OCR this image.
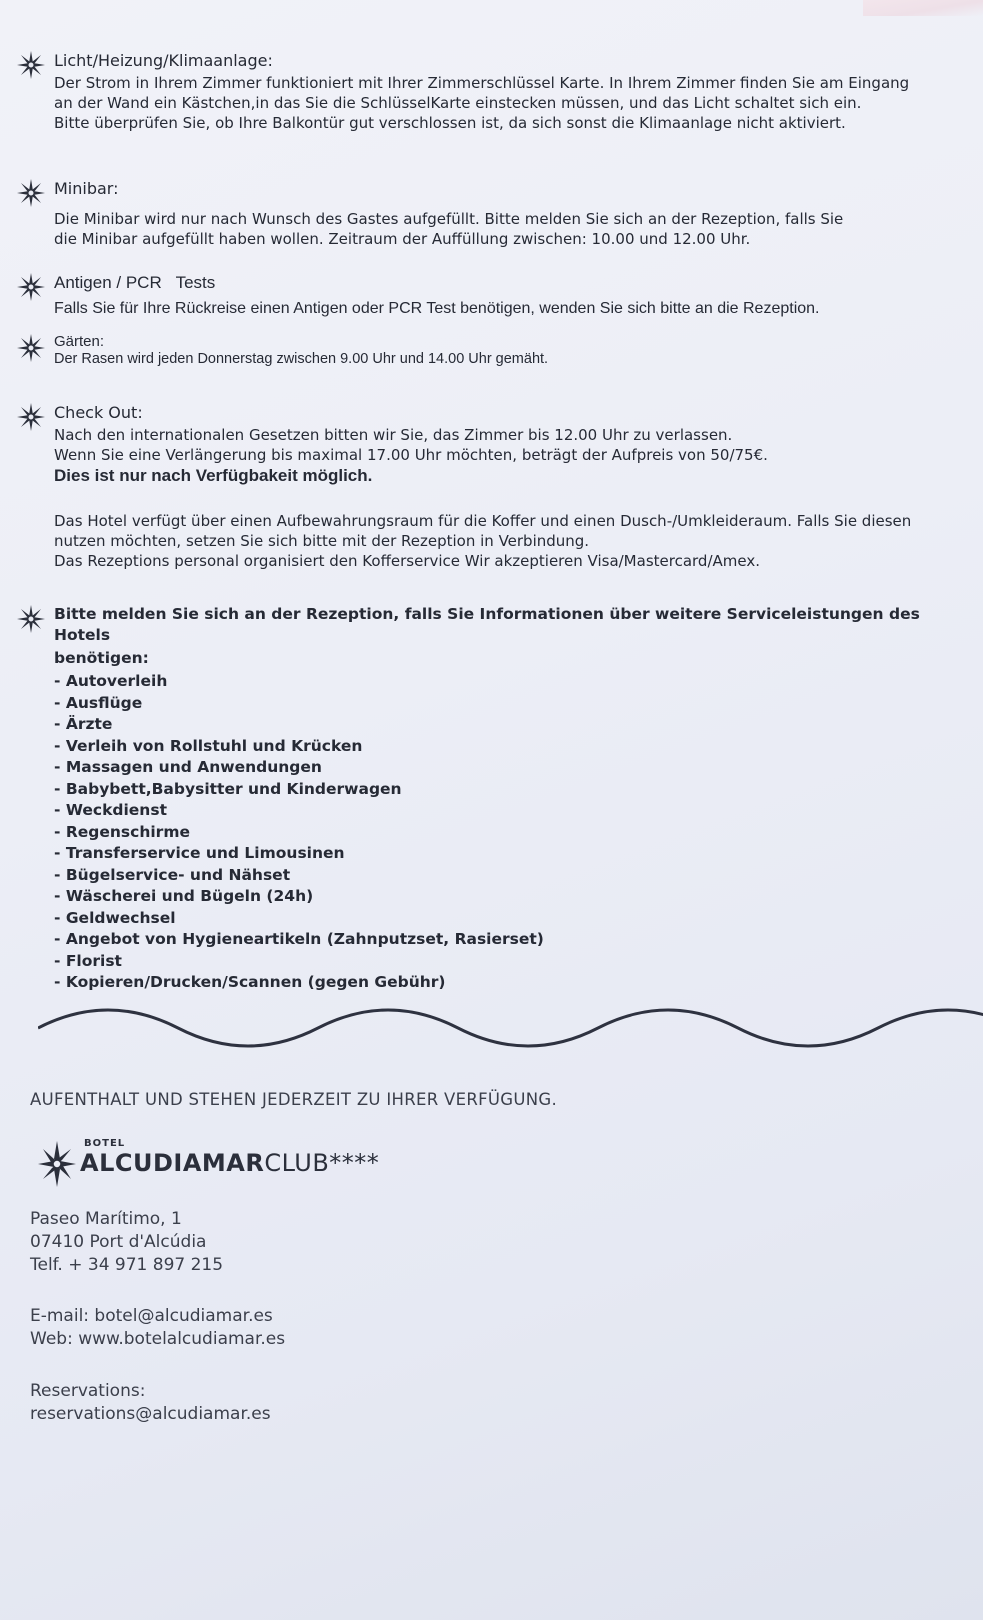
Licht/Heizung/Klimaanlage:

Der Strom in Ihrem Zimmer funktioniert mit Ihrer Zimmerschlüssel Karte. In Ihrem Zimmer finden Sie am Eingang

an der Wand ein Kästchen,in das Sie die SchlüsselKarte einstecken müssen, und das Licht schaltet sich ein.

Bitte überprüfen Sie, ob Ihre Balkontür gut verschlossen ist, da sich sonst die Klimaanlage nicht aktiviert.

Minibar:

Die Minibar wird nur nach Wunsch des Gastes aufgefüllt. Bitte melden Sie sich an der Rezeption, falls Sie

die Minibar aufgefüllt haben wollen. Zeitraum der Auffüllung zwischen: 10.00 und 12.00 Uhr.

Antigen / PCR   Tests

Falls Sie für Ihre Rückreise einen Antigen oder PCR Test benötigen, wenden Sie sich bitte an die Rezeption.

Gärten:

Der Rasen wird jeden Donnerstag zwischen 9.00 Uhr und 14.00 Uhr gemäht.

Check Out:

Nach den internationalen Gesetzen bitten wir Sie, das Zimmer bis 12.00 Uhr zu verlassen.

Wenn Sie eine Verlängerung bis maximal 17.00 Uhr möchten, beträgt der Aufpreis von 50/75€.

Dies ist nur nach Verfügbakeit möglich.

Das Hotel verfügt über einen Aufbewahrungsraum für die Koffer und einen Dusch-/Umkleideraum. Falls Sie diesen

nutzen möchten, setzen Sie sich bitte mit der Rezeption in Verbindung.

Das Rezeptions personal organisiert den Kofferservice Wir akzeptieren Visa/Mastercard/Amex.

Bitte melden Sie sich an der Rezeption, falls Sie Informationen über weitere Serviceleistungen des Hotels
benötigen:
- Autoverleih
- Ausflüge
- Ärzte
- Verleih von Rollstuhl und Krücken
- Massagen und Anwendungen
- Babybett,Babysitter und Kinderwagen
- Weckdienst
- Regenschirme
- Transferservice und Limousinen
- Bügelservice- und Nähset
- Wäscherei und Bügeln (24h)
- Geldwechsel
- Angebot von Hygieneartikeln (Zahnputzset, Rasierset)
- Florist
- Kopieren/Drucken/Scannen (gegen Gebühr)
AUFENTHALT UND STEHEN JEDERZEIT ZU IHRER VERFÜGUNG.
BOTEL
ALCUDIAMARCLUB****
Paseo Marítimo, 1
07410 Port d'Alcúdia
Telf. + 34 971 897 215
E-mail: botel@alcudiamar.es
Web: www.botelalcudiamar.es
Reservations:
reservations@alcudiamar.es
